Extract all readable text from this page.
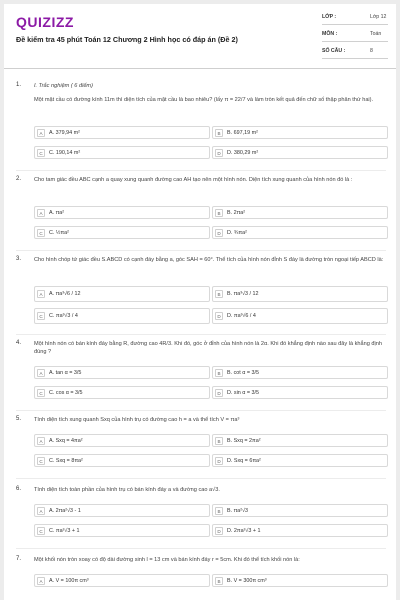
QUIZIZZ
Đề kiểm tra 45 phút Toán 12 Chương 2 Hình học có đáp án (Đề 2)
LỚP :	Lớp 12
MÔN :	Toán
SỐ CÂU :	8
1. I. Trắc nghiệm ( 6 điểm)
Một mặt cầu có đường kính 11m thì diện tích của mặt cầu là bao nhiêu? (lấy π = 22/7 và làm tròn kết quả đến chữ số thập phân thứ hai).
A	A. 379,94 m²	B	B. 697,19 m²
C	C. 190,14 m²	D	D. 380,29 m²
2. Cho tam giác đều ABC cạnh a quay xung quanh đường cao AH tạo nên một hình nón. Diện tích xung quanh của hình nón đó là :
A	A. πa²	B	B. 2πa²
C	C. ½πa²	D	D. ¾πa²
3. Cho hình chóp tứ giác đều S.ABCD có cạnh đáy bằng a, góc SAH = 60°. Thể tích của hình nón đỉnh S đáy là đường tròn ngoại tiếp ABCD là:
A	A. πa³√6 / 12	B	B. πa³√3 / 12
C	C. πa³√3 / 4	D	D. πa³√6 / 4
4. Một hình nón có bán kính đáy bằng R, đường cao 4R/3. Khi đó, góc ở đỉnh của hình nón là 2α. Khi đó khẳng định nào sau đây là khẳng định đúng ?
A	A. tan α = 3/5	B	B. cot α = 3/5
C	C. cos α = 3/5	D	D. sin α = 3/5
5. Tính diện tích xung quanh Sxq của hình trụ có đường cao h = a và thể tích V = πa³
A	A. Sxq = 4πa²	B	B. Sxq = 2πa²
C	C. Sxq = 8πa²	D	D. Sxq = 6πa²
6. Tính diện tích toàn phần của hình trụ có bán kính đáy a và đường cao a√3.
A	A. 2πa²√3 - 1	B	B. πa²√3
C	C. πa²√3 + 1	D	D. 2πa²√3 + 1
7. Một khối nón tròn xoay có độ dài đường sinh l = 13 cm và bán kính đáy r = 5cm. Khi đó thể tích khối nón là:
A	A. V = 100π cm³	B	B. V = 300π cm³
